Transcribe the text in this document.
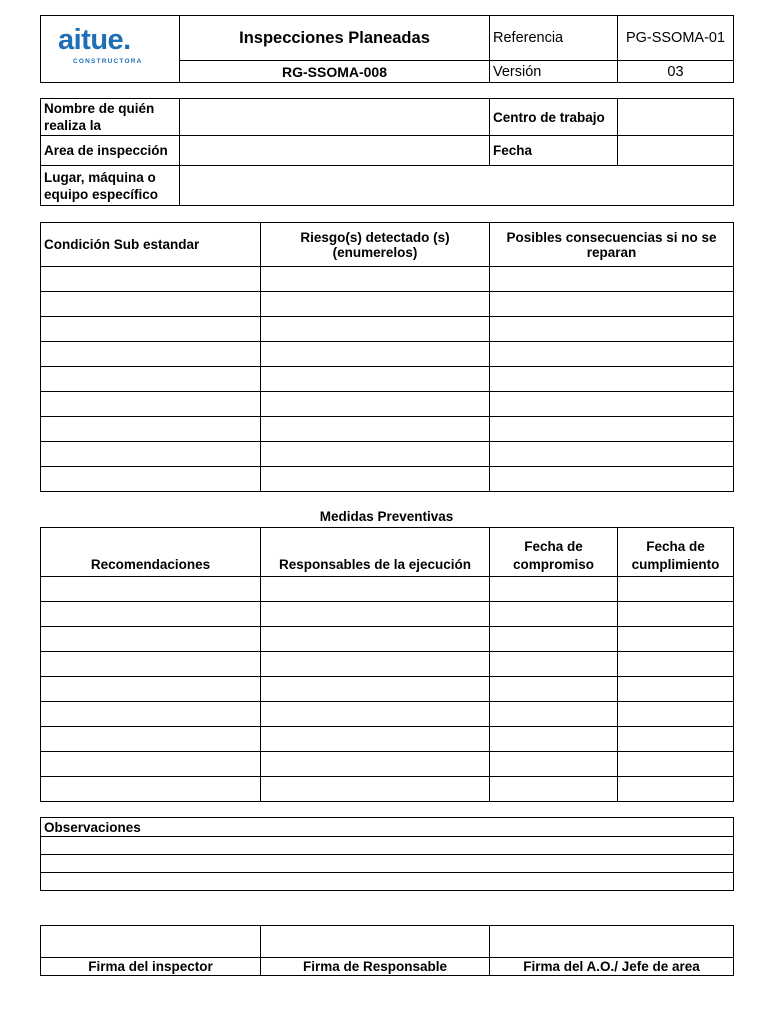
aitue.
CONSTRUCTORA	Inspecciones Planeadas	Referencia	PG-SSOMA-01
	RG-SSOMA-008	Versión	03
Nombre de quién realiza la		Centro de trabajo	
Area de inspección		Fecha	
Lugar, máquina o equipo específico			
Condición Sub estandar	Riesgo(s) detectado (s) (enumerelos)	Posibles consecuencias si no se reparan

Medidas Preventivas
Recomendaciones	Responsables de la ejecución	Fecha de compromiso	Fecha de cumplimiento

Observaciones

Firma del inspector	Firma de Responsable	Firma del A.O./ Jefe de area
